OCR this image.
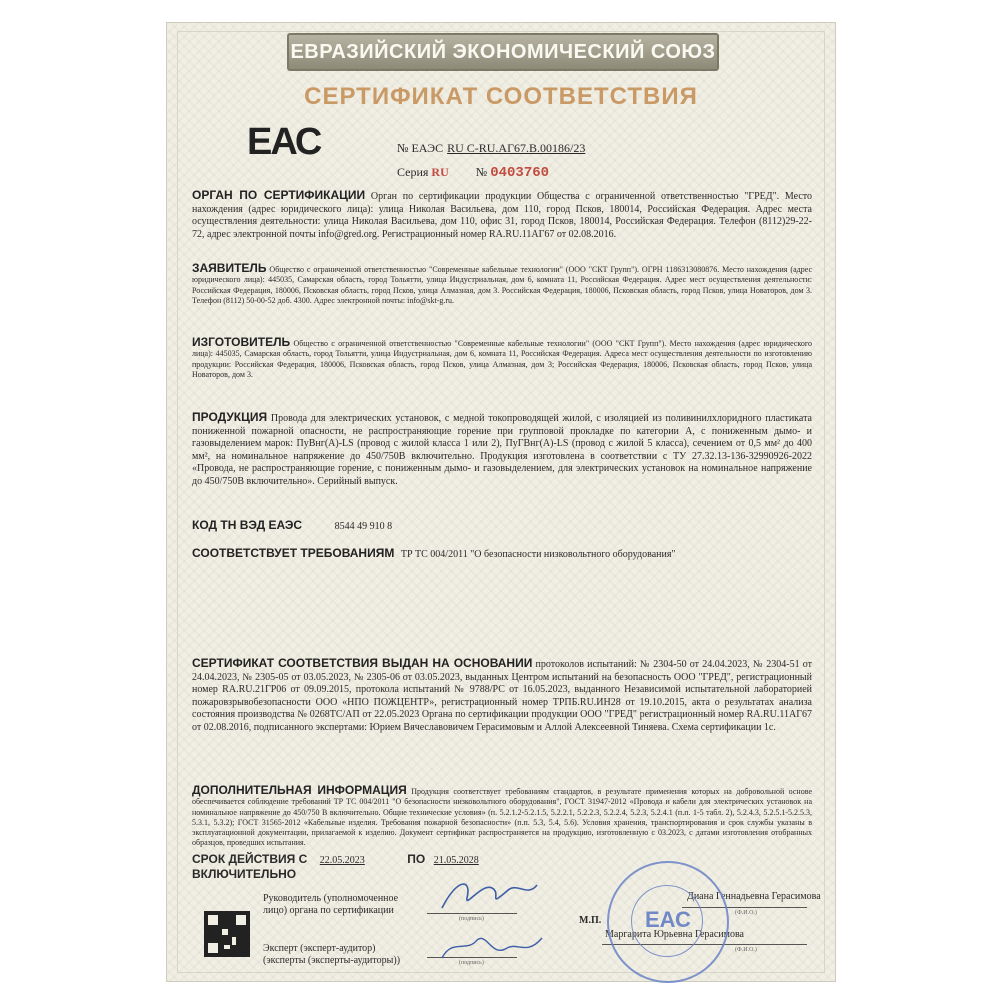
ЕВРАЗИЙСКИЙ ЭКОНОМИЧЕСКИЙ СОЮЗ
СЕРТИФИКАТ СООТВЕТСТВИЯ
ЕАС	№ ЕАЭС RU С-RU.АГ67.В.00186/23
Серия RU № 0403760
ОРГАН ПО СЕРТИФИКАЦИИ Орган по сертификации продукции Общества с ограниченной ответственностью "ГРЕД". Место нахождения (адрес юридического лица): улица Николая Васильева, дом 110, город Псков, 180014, Российская Федерация. Адрес места осуществления деятельности: улица Николая Васильева, дом 110, офис 31, город Псков, 180014, Российская Федерация. Телефон (8112)29-22-72, адрес электронной почты info@gred.org. Регистрационный номер RA.RU.11АГ67 от 02.08.2016.
ЗАЯВИТЕЛЬ Общество с ограниченной ответственностью "Современные кабельные технологии" (ООО "СКТ Групп"). ОГРН 1186313080876. Место нахождения (адрес юридического лица): 445035, Самарская область, город Тольятти, улица Индустриальная, дом 6, комната 11, Российская Федерация. Адрес мест осуществления деятельности: Российская Федерация, 180006, Псковская область, город Псков, улица Алмазная, дом 3. Российская Федерация, 180006, Псковская область, город Псков, улица Новаторов, дом 3. Телефон (8112) 50-00-52 доб. 4300. Адрес электронной почты: info@skt-g.ru.
ИЗГОТОВИТЕЛЬ Общество с ограниченной ответственностью "Современные кабельные технологии" (ООО "СКТ Групп"). Место нахождения (адрес юридического лица): 445035, Самарская область, город Тольятти, улица Индустриальная, дом 6, комната 11, Российская Федерация. Адреса мест осуществления деятельности по изготовлению продукции: Российская Федерация, 180006, Псковская область, город Псков, улица Алмазная, дом 3; Российская Федерация, 180006, Псковская область, город Псков, улица Новаторов, дом 3.
ПРОДУКЦИЯ Провода для электрических установок, с медной токопроводящей жилой, с изоляцией из поливинилхлоридного пластиката пониженной пожарной опасности, не распространяющие горение при групповой прокладке по категории А, с пониженным дымо- и газовыделением марок: ПуВнг(А)-LS (провод с жилой класса 1 или 2), ПуГВнг(А)-LS (провод с жилой 5 класса), сечением от 0,5 мм² до 400 мм², на номинальное напряжение до 450/750В включительно. Продукция изготовлена в соответствии с ТУ 27.32.13-136-32990926-2022 «Провода, не распространяющие горение, с пониженным дымо- и газовыделением, для электрических установок на номинальное напряжение до 450/750В включительно». Серийный выпуск.
КОД ТН ВЭД ЕАЭС	8544 49 910 8
СООТВЕТСТВУЕТ ТРЕБОВАНИЯМ ТР ТС 004/2011 "О безопасности низковольтного оборудования"
СЕРТИФИКАТ СООТВЕТСТВИЯ ВЫДАН НА ОСНОВАНИИ протоколов испытаний: № 2304-50 от 24.04.2023, № 2304-51 от 24.04.2023, № 2305-05 от 03.05.2023, № 2305-06 от 03.05.2023, выданных Центром испытаний на безопасность ООО "ГРЕД", регистрационный номер RA.RU.21ГР06 от 09.09.2015, протокола испытаний № 9788/РС от 16.05.2023, выданного Независимой испытательной лабораторией пожаровзрывобезопасности ООО «НПО ПОЖЦЕНТР», регистрационный номер ТРПБ.RU.ИН28 от 19.10.2015, акта о результатах анализа состояния производства № 0268ТС/АП от 22.05.2023 Органа по сертификации продукции ООО "ГРЕД" регистрационный номер RA.RU.11АГ67 от 02.08.2016, подписанного экспертами: Юрием Вячеславовичем Герасимовым и Аллой Алексеевной Тиняева. Схема сертификации 1с.
ДОПОЛНИТЕЛЬНАЯ ИНФОРМАЦИЯ Продукция соответствует требованиям стандартов, в результате применения которых на добровольной основе обеспечивается соблюдение требований ТР ТС 004/2011 "О безопасности низковольтного оборудования", ГОСТ 31947-2012 «Провода и кабели для электрических установок на номинальное напряжение до 450/750 В включительно. Общие технические условия» (п. 5.2.1.2-5.2.1.5, 5.2.2.1, 5.2.2.3, 5.2.2.4, 5.2.3, 5.2.4.1 (п.п. 1-5 табл. 2), 5.2.4.3, 5.2.5.1-5.2.5.3, 5.3.1, 5.3.2); ГОСТ 31565-2012 «Кабельные изделия. Требования пожарной безопасности» (п.п. 5.3, 5.4, 5.6). Условия хранения, транспортирования и срок службы указаны в эксплуатационной документации, прилагаемой к изделию. Документ сертификат распространяется на продукцию, изготовленную с 03.2023, с датами изготовления отобранных образцов, проведших испытания.
СРОК ДЕЙСТВИЯ С 22.05.2023	ПО 21.05.2028
ВКЛЮЧИТЕЛЬНО
Руководитель (уполномоченное
лицо) органа по сертификации
(подпись)
Диана Геннадьевна Герасимова
(Ф.И.О.)
М.П.
Эксперт (эксперт-аудитор)
(эксперты (эксперты-аудиторы))	(подпись)
Маргарита Юрьевна Герасимова
(Ф.И.О.)
ЕАС
